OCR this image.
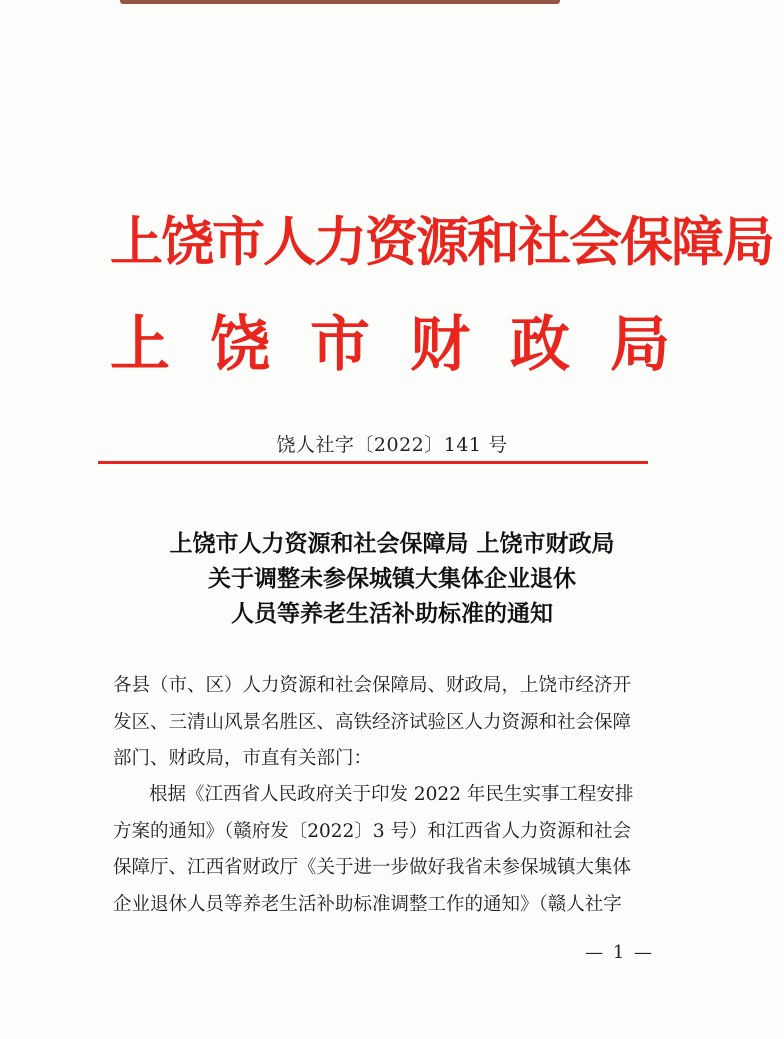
上饶市人力资源和社会保障局
上 饶 市 财 政 局
饶人社字〔2022〕141 号
上饶市人力资源和社会保障局 上饶市财政局
关于调整未参保城镇大集体企业退休
人员等养老生活补助标准的通知
各县（市、区）人力资源和社会保障局、财政局，上饶市经济开
发区、三清山风景名胜区、高铁经济试验区人力资源和社会保障
部门、财政局，市直有关部门：
根据《江西省人民政府关于印发 2022 年民生实事工程安排
方案的通知》（赣府发〔2022〕3 号）和江西省人力资源和社会
保障厅、江西省财政厅《关于进一步做好我省未参保城镇大集体
企业退休人员等养老生活补助标准调整工作的通知》（赣人社字
— 1 —
